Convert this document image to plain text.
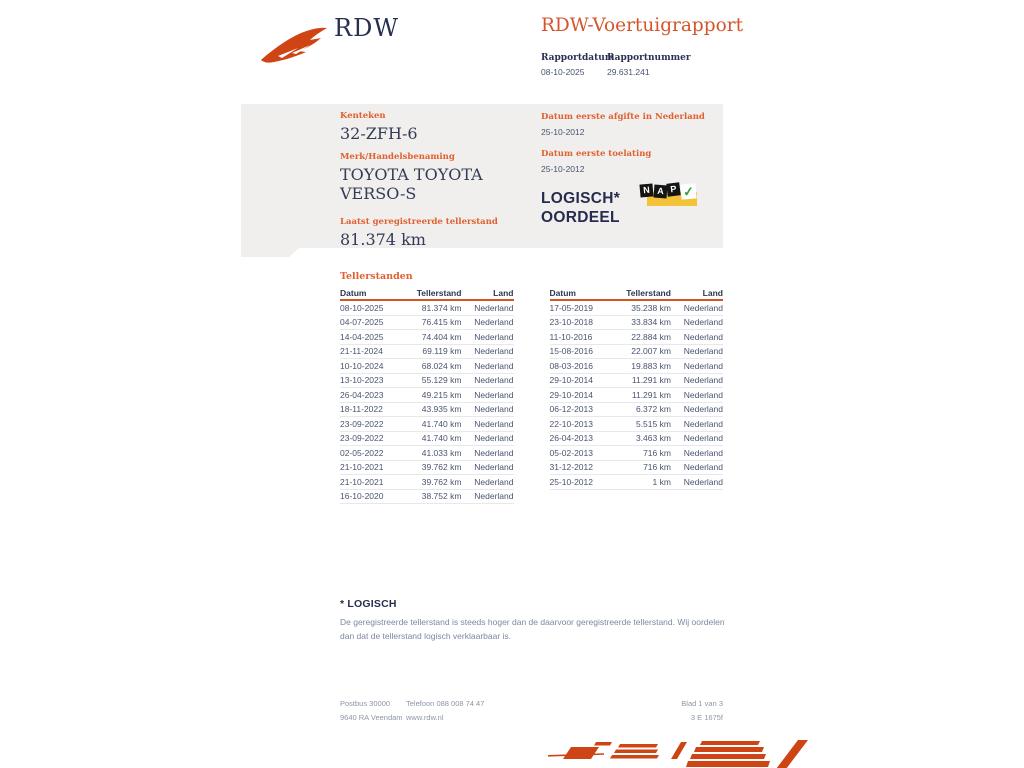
RDW	RDW-Voertuigrapport
Rapportdatum
08-10-2025
Rapportnummer
29.631.241
Kenteken
32-ZFH-6
Merk/Handelsbenaming
TOYOTA TOYOTA VERSO-S
Laatst geregistreerde tellerstand
81.374 km
Datum eerste afgifte in Nederland
25-10-2012
Datum eerste toelating
25-10-2012
LOGISCH*
OORDEEL
N A P ✓
Tellerstanden
Datum	Tellerstand	Land
08-10-2025	81.374 km	Nederland
04-07-2025	76.415 km	Nederland
14-04-2025	74.404 km	Nederland
21-11-2024	69.119 km	Nederland
10-10-2024	68.024 km	Nederland
13-10-2023	55.129 km	Nederland
26-04-2023	49.215 km	Nederland
18-11-2022	43.935 km	Nederland
23-09-2022	41.740 km	Nederland
23-09-2022	41.740 km	Nederland
02-05-2022	41.033 km	Nederland
21-10-2021	39.762 km	Nederland
21-10-2021	39.762 km	Nederland
16-10-2020	38.752 km	Nederland
Datum	Tellerstand	Land
17-05-2019	35.238 km	Nederland
23-10-2018	33.834 km	Nederland
11-10-2016	22.884 km	Nederland
15-08-2016	22.007 km	Nederland
08-03-2016	19.883 km	Nederland
29-10-2014	11.291 km	Nederland
29-10-2014	11.291 km	Nederland
06-12-2013	6.372 km	Nederland
22-10-2013	5.515 km	Nederland
26-04-2013	3.463 km	Nederland
05-02-2013	716 km	Nederland
31-12-2012	716 km	Nederland
25-10-2012	1 km	Nederland
* LOGISCH
De geregistreerde tellerstand is steeds hoger dan de daarvoor geregistreerde tellerstand. Wij oordelen dan dat de tellerstand logisch verklaarbaar is.
Postbus 30000
9640 RA Veendam
Telefoon 088 008 74 47
www.rdw.nl
Blad 1 van 3
3 E 1675f
